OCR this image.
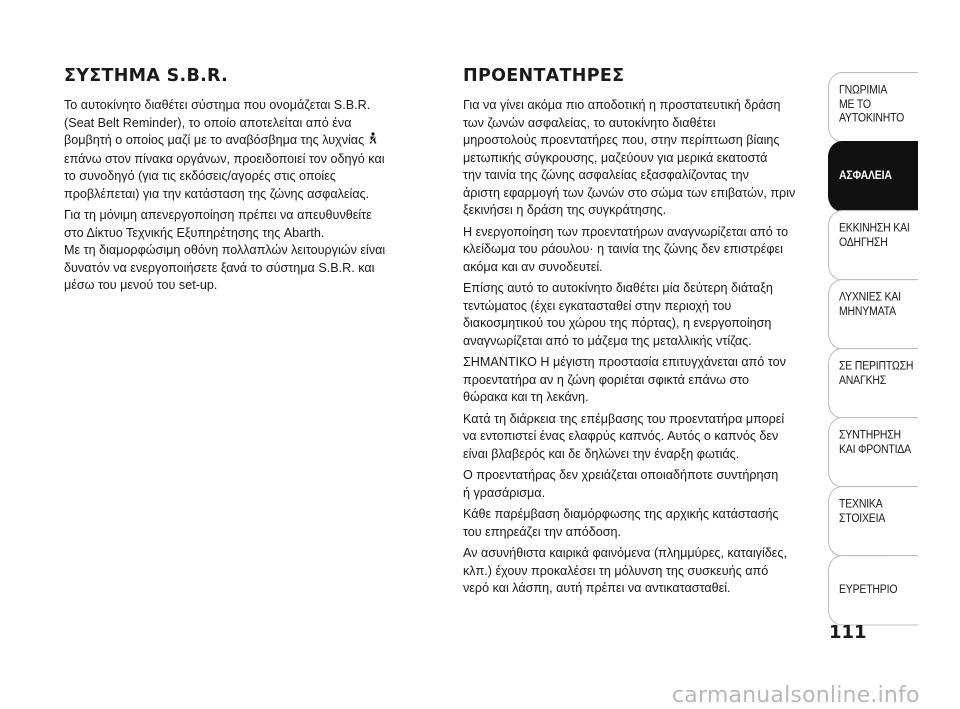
ΣΥΣΤΗΜΑ S.B.R.

Το αυτοκίνητο διαθέτει σύστημα που ονομάζεται S.B.R.
(Seat Belt Reminder), το οποίο αποτελείται από ένα
βομβητή ο οποίος μαζί με το αναβόσβημα της λυχνίας
επάνω στον πίνακα οργάνων, προειδοποιεί τον οδηγό και
το συνοδηγό (για τις εκδόσεις/αγορές στις οποίες
προβλέπεται) για την κατάσταση της ζώνης ασφαλείας.

Για τη μόνιμη απενεργοποίηση πρέπει να απευθυνθείτε
στο Δίκτυο Τεχνικής Εξυπηρέτησης της Abarth.
Με τη διαμορφώσιμη οθόνη πολλαπλών λειτουργιών είναι
δυνατόν να ενεργοποιήσετε ξανά το σύστημα S.B.R. και
μέσω του μενού του set-up.

ΠΡΟΕΝΤΑΤΗΡΕΣ

Για να γίνει ακόμα πιο αποδοτική η προστατευτική δράση
των ζωνών ασφαλείας, το αυτοκίνητο διαθέτει
μηροστολούς προεντατήρες που, στην περίπτωση βίαιης
μετωπικής σύγκρουσης, μαζεύουν για μερικά εκατοστά
την ταινία της ζώνης ασφαλείας εξασφαλίζοντας την
άριστη εφαρμογή των ζωνών στο σώμα των επιβατών, πριν
ξεκινήσει η δράση της συγκράτησης.

Η ενεργοποίηση των προεντατήρων αναγνωρίζεται από το
κλείδωμα του ράουλου· η ταινία της ζώνης δεν επιστρέφει
ακόμα και αν συνοδευτεί.

Επίσης αυτό το αυτοκίνητο διαθέτει μία δεύτερη διάταξη
τεντώματος (έχει εγκατασταθεί στην περιοχή του
διακοσμητικού του χώρου της πόρτας), η ενεργοποίηση
αναγνωρίζεται από το μάζεμα της μεταλλικής ντίζας.

ΣΗΜΑΝΤΙΚΟ Η μέγιστη προστασία επιτυγχάνεται από τον
προεντατήρα αν η ζώνη φοριέται σφικτά επάνω στο
θώρακα και τη λεκάνη.

Κατά τη διάρκεια της επέμβασης του προεντατήρα μπορεί
να εντοπιστεί ένας ελαφρύς καπνός. Αυτός ο καπνός δεν
είναι βλαβερός και δε δηλώνει την έναρξη φωτιάς.

Ο προεντατήρας δεν χρειάζεται οποιαδήποτε συντήρηση
ή γρασάρισμα.

Κάθε παρέμβαση διαμόρφωσης της αρχικής κατάστασής
του επηρεάζει την απόδοση.

Αν ασυνήθιστα καιρικά φαινόμενα (πλημμύρες, καταιγίδες,
κλπ.) έχουν προκαλέσει τη μόλυνση της συσκευής από
νερό και λάσπη, αυτή πρέπει να αντικατασταθεί.

ΓΝΩΡΙΜΙΑ
ΜΕ ΤΟ
ΑΥΤΟΚΙΝΗΤΟ
ΑΣΦΑΛΕΙΑ
ΕΚΚΙΝΗΣΗ ΚΑΙ
ΟΔΗΓΗΣΗ
ΛΥΧΝΙΕΣ ΚΑΙ
ΜΗΝΥΜΑΤΑ
ΣΕ ΠΕΡΙΠΤΩΣΗ
ΑΝΑΓΚΗΣ
ΣΥΝΤΗΡΗΣΗ
ΚΑΙ ΦΡΟΝΤΙΔΑ
ΤΕΧΝΙΚΑ
ΣΤΟΙΧΕΙΑ
ΕΥΡΕΤΗΡΙΟ
111
carmanualsonline.info
